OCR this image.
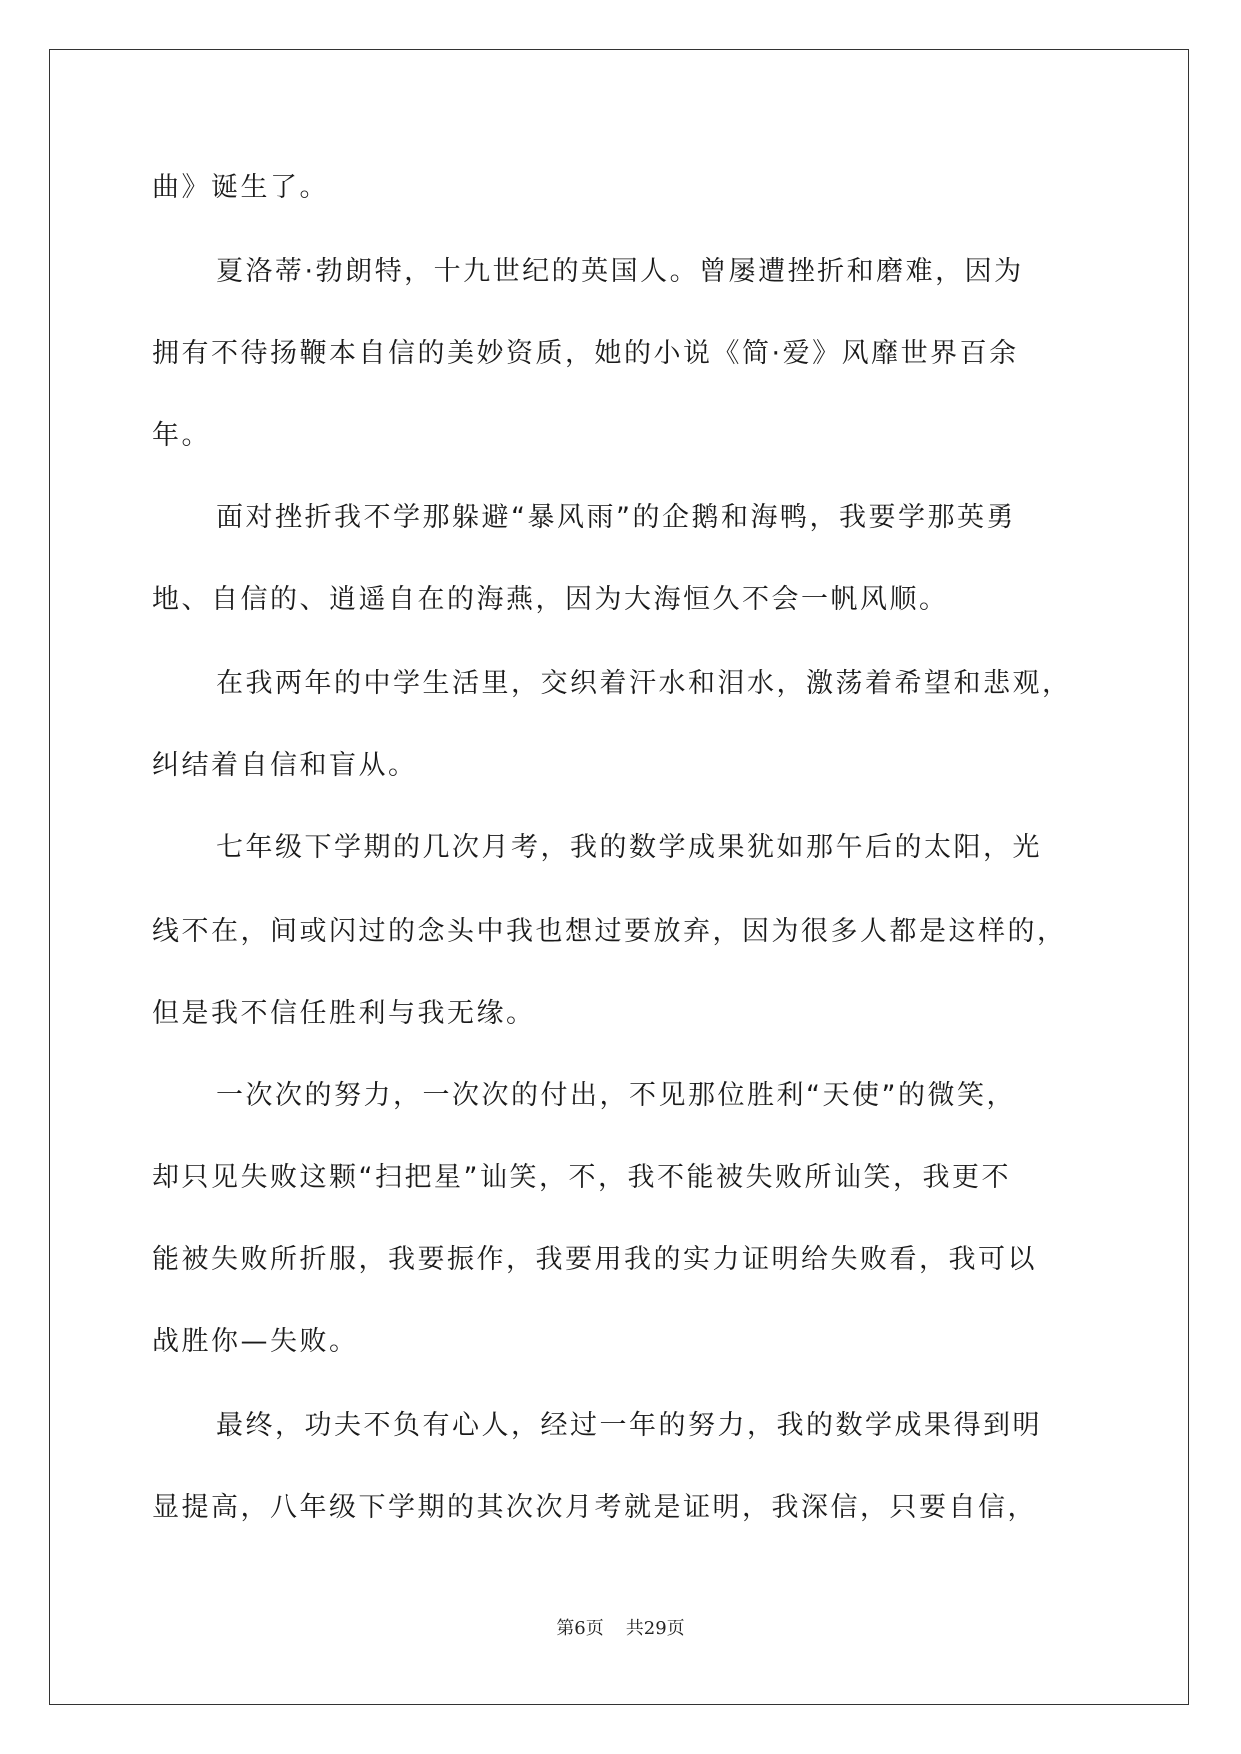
曲》诞生了。
夏洛蒂·勃朗特，十九世纪的英国人。曾屡遭挫折和磨难，因为
拥有不待扬鞭本自信的美妙资质，她的小说《简·爱》风靡世界百余
年。
面对挫折我不学那躲避“暴风雨”的企鹅和海鸭，我要学那英勇
地、自信的、逍遥自在的海燕，因为大海恒久不会一帆风顺。
在我两年的中学生活里，交织着汗水和泪水，激荡着希望和悲观，
纠结着自信和盲从。
七年级下学期的几次月考，我的数学成果犹如那午后的太阳，光
线不在，间或闪过的念头中我也想过要放弃，因为很多人都是这样的，
但是我不信任胜利与我无缘。
一次次的努力，一次次的付出，不见那位胜利“天使”的微笑，
却只见失败这颗“扫把星”讪笑，不，我不能被失败所讪笑，我更不
能被失败所折服，我要振作，我要用我的实力证明给失败看，我可以
战胜你—失败。
最终，功夫不负有心人，经过一年的努力，我的数学成果得到明
显提高，八年级下学期的其次次月考就是证明，我深信，只要自信，
第6页 共29页
